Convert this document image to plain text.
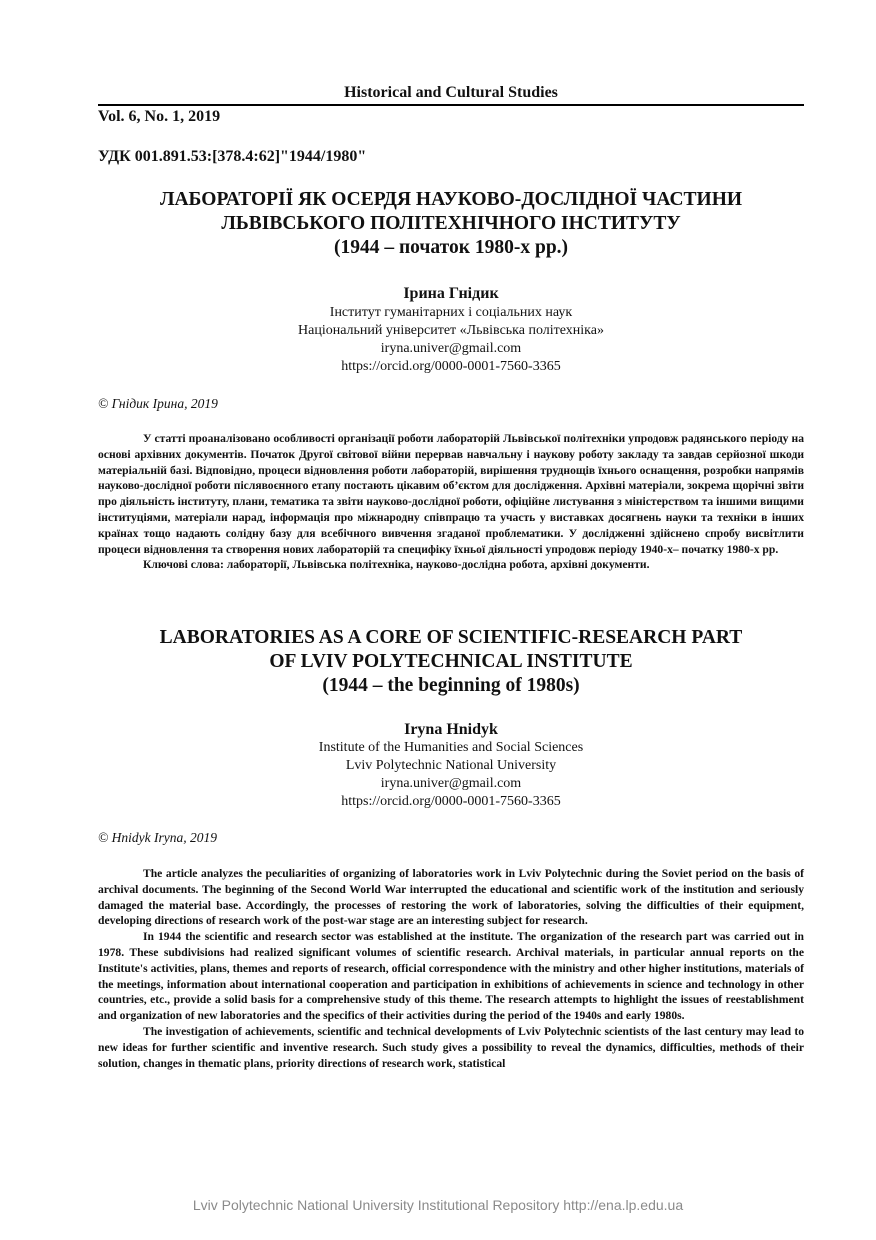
Historical and Cultural Studies
Vol. 6, No. 1, 2019
УДК 001.891.53:[378.4:62]"1944/1980"
ЛАБОРАТОРІЇ ЯК ОСЕРДЯ НАУКОВО-ДОСЛІДНОЇ ЧАСТИНИ
ЛЬВІВСЬКОГО ПОЛІТЕХНІЧНОГО ІНСТИТУТУ
(1944 – початок 1980-х рр.)
Ірина Гнідик
Інститут гуманітарних і соціальних наук
Національний університет «Львівська політехніка»
iryna.univer@gmail.com
https://orcid.org/0000-0001-7560-3365
© Гнідик Ірина, 2019

У статті проаналізовано особливості організації роботи лабораторій Львівської політехніки упродовж радянського періоду на основі архівних документів. Початок Другої світової війни перервав навчальну і наукову роботу закладу та завдав серйозної шкоди матеріальній базі. Відповідно, процеси відновлення роботи лабораторій, вирішення труднощів їхнього оснащення, розробки напрямів науково-дослідної роботи післявоєнного етапу постають цікавим об’єктом для дослідження. Архівні матеріали, зокрема щорічні звіти про діяльність інституту, плани, тематика та звіти науково-дослідної роботи, офіційне листування з міністерством та іншими вищими інституціями, матеріали нарад, інформація про міжнародну співпрацю та участь у виставках досягнень науки та техніки в інших країнах тощо надають солідну базу для всебічного вивчення згаданої проблематики. У дослідженні здійснено спробу висвітлити процеси відновлення та створення нових лабораторій та специфіку їхньої діяльності упродовж періоду 1940-х– початку 1980-х рр.

Ключові слова: лабораторії, Львівська політехніка, науково-дослідна робота, архівні документи.

LABORATORIES AS A CORE OF SCIENTIFIC-RESEARCH PART
OF LVIV POLYTECHNICAL INSTITUTE
(1944 – the beginning of 1980s)
Iryna Hnidyk
Institute of the Humanities and Social Sciences
Lviv Polytechnic National University
iryna.univer@gmail.com
https://orcid.org/0000-0001-7560-3365
© Hnidyk Iryna, 2019

The article analyzes the peculiarities of organizing of laboratories work in Lviv Polytechnic during the Soviet period on the basis of archival documents. The beginning of the Second World War interrupted the educational and scientific work of the institution and seriously damaged the material base. Accordingly, the processes of restoring the work of laboratories, solving the difficulties of their equipment, developing directions of research work of the post-war stage are an interesting subject for research.

In 1944 the scientific and research sector was established at the institute. The organization of the research part was carried out in 1978. These subdivisions had realized significant volumes of scientific research. Archival materials, in particular annual reports on the Institute's activities, plans, themes and reports of research, official correspondence with the ministry and other higher institutions, materials of the meetings, information about international cooperation and participation in exhibitions of achievements in science and technology in other countries, etc., provide a solid basis for a comprehensive study of this theme. The research attempts to highlight the issues of reestablishment and organization of new laboratories and the specifics of their activities during the period of the 1940s and early 1980s.

The investigation of achievements, scientific and technical developments of Lviv Polytechnic scientists of the last century may lead to new ideas for further scientific and inventive research. Such study gives a possibility to reveal the dynamics, difficulties, methods of their solution, changes in thematic plans, priority directions of research work, statistical

Lviv Polytechnic National University Institutional Repository http://ena.lp.edu.ua
